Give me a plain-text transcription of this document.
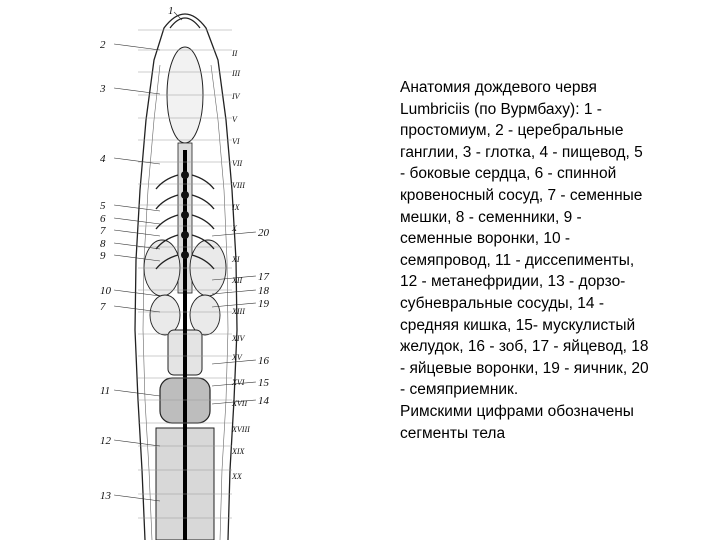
1
2
3
4
5
6
7
8
9
10
7
11
12
13
20
17
18
19
16
15
14
II
III
IV
V
VI
VII
VIII
IX
X
XI
XII
XIII
XIV
XV
XVI
XVII
XVIII
XIX
XX

Анатомия дождевого червя Lumbriciis (по Вурмбаху): 1 - простомиум, 2 - церебральные ганглии, 3 - глотка, 4 - пищевод, 5 - боковые сердца, 6 - спинной кровеносный сосуд, 7 - семенные мешки, 8 - семенники, 9 - семенные воронки, 10 - семяпровод, 11 - диссепименты, 12 - метанефридии, 13 - дорзо-субневральные сосуды, 14 - средняя кишка, 15- мускулистый желудок, 16 - зоб, 17 - яйцевод, 18 - яйцевые воронки, 19 - яичник, 20 - семяприемник.

Римскими цифрами обозначены сегменты тела
